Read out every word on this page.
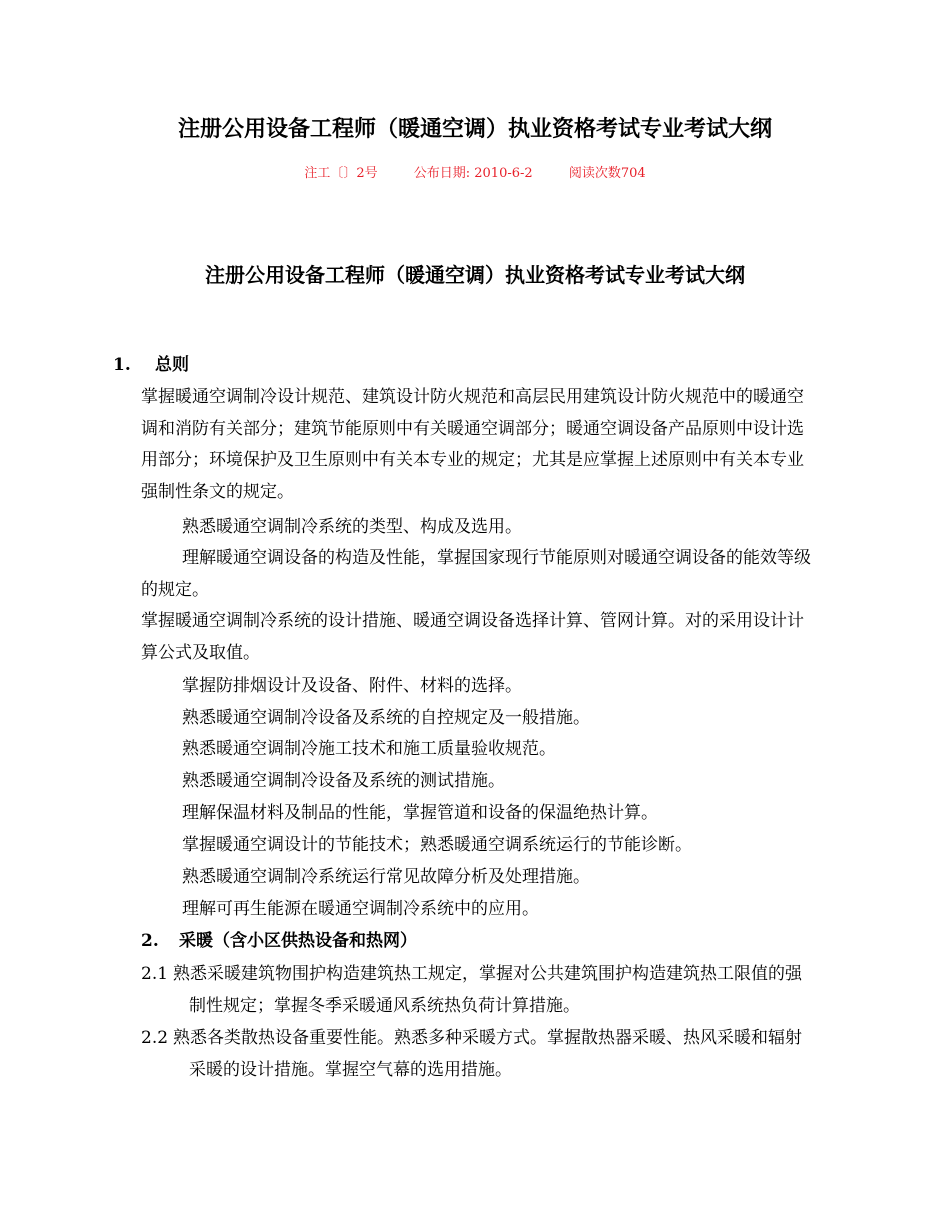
注册公用设备工程师（暖通空调）执业资格考试专业考试大纲
注工〔〕2号	公布日期: 2010-6-2	阅读次数704
注册公用设备工程师（暖通空调）执业资格考试专业考试大纲
1. 总则
掌握暖通空调制冷设计规范、建筑设计防火规范和高层民用建筑设计防火规范中的暖通空调和消防有关部分；建筑节能原则中有关暖通空调部分；暖通空调设备产品原则中设计选用部分；环境保护及卫生原则中有关本专业的规定；尤其是应掌握上述原则中有关本专业强制性条文的规定。
熟悉暖通空调制冷系统的类型、构成及选用。
理解暖通空调设备的构造及性能，掌握国家现行节能原则对暖通空调设备的能效等级的规定。
掌握暖通空调制冷系统的设计措施、暖通空调设备选择计算、管网计算。对的采用设计计算公式及取值。
掌握防排烟设计及设备、附件、材料的选择。
熟悉暖通空调制冷设备及系统的自控规定及一般措施。
熟悉暖通空调制冷施工技术和施工质量验收规范。
熟悉暖通空调制冷设备及系统的测试措施。
理解保温材料及制品的性能，掌握管道和设备的保温绝热计算。
掌握暖通空调设计的节能技术；熟悉暖通空调系统运行的节能诊断。
熟悉暖通空调制冷系统运行常见故障分析及处理措施。
理解可再生能源在暖通空调制冷系统中的应用。
2. 采暖（含小区供热设备和热网）
2.1 熟悉采暖建筑物围护构造建筑热工规定，掌握对公共建筑围护构造建筑热工限值的强制性规定；掌握冬季采暖通风系统热负荷计算措施。
2.2 熟悉各类散热设备重要性能。熟悉多种采暖方式。掌握散热器采暖、热风采暖和辐射采暖的设计措施。掌握空气幕的选用措施。
